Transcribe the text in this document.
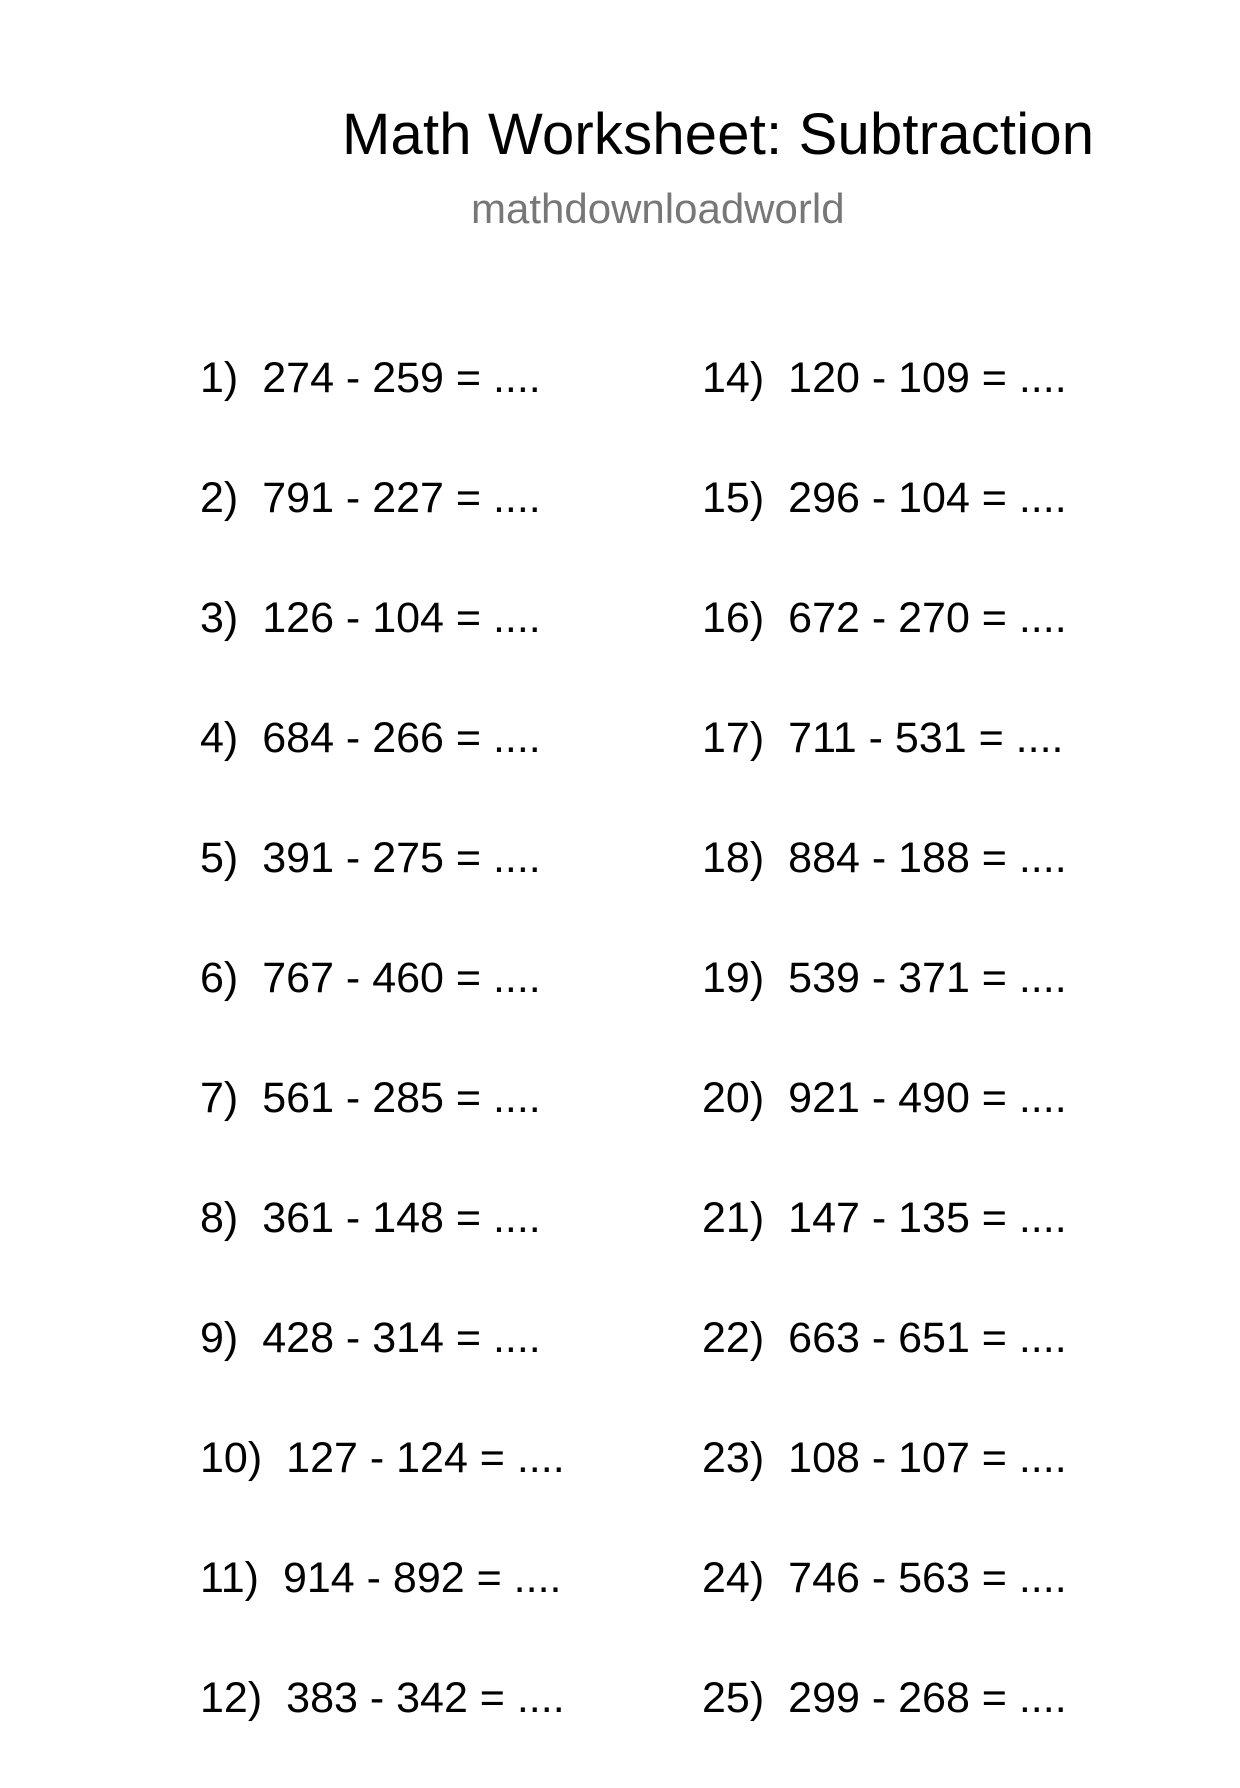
Math Worksheet: Subtraction
mathdownloadworld
1) 274 - 259 = ....
2) 791 - 227 = ....
3) 126 - 104 = ....
4) 684 - 266 = ....
5) 391 - 275 = ....
6) 767 - 460 = ....
7) 561 - 285 = ....
8) 361 - 148 = ....
9) 428 - 314 = ....
10) 127 - 124 = ....
11) 914 - 892 = ....
12) 383 - 342 = ....
14) 120 - 109 = ....
15) 296 - 104 = ....
16) 672 - 270 = ....
17) 711 - 531 = ....
18) 884 - 188 = ....
19) 539 - 371 = ....
20) 921 - 490 = ....
21) 147 - 135 = ....
22) 663 - 651 = ....
23) 108 - 107 = ....
24) 746 - 563 = ....
25) 299 - 268 = ....
